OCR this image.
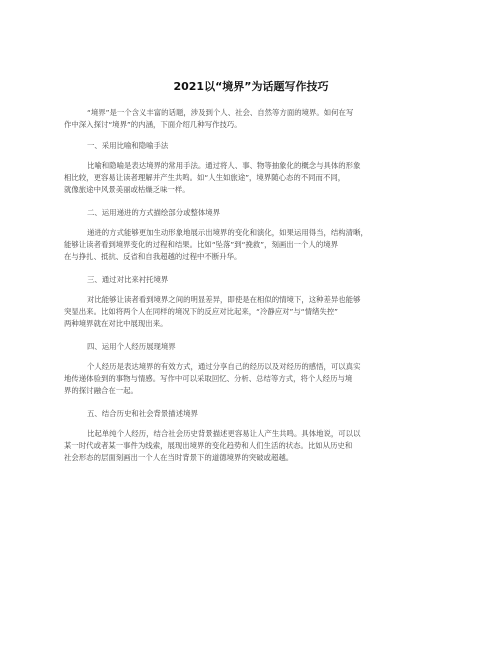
2021以“境界”为话题写作技巧

“境界”是一个含义丰富的话题，涉及到个人、社会、自然等方面的境界。如何在写

作中深入探讨“境界”的内涵，下面介绍几种写作技巧。

一、采用比喻和隐喻手法

比喻和隐喻是表达境界的常用手法。通过将人、事、物等抽象化的概念与具体的形象

相比较，更容易让读者理解并产生共鸣。如“人生如旅途”，境界随心态的不同而不同，

就像旅途中风景美丽或枯燥乏味一样。

二、运用递进的方式描绘部分或整体境界

递进的方式能够更加生动形象地展示出境界的变化和演化，如果运用得当，结构清晰，

能够让读者看到境界变化的过程和结果。比如“坠落”到“挽救”，刻画出一个人的境界

在与挣扎、抵抗、反省和自我超越的过程中不断升华。

三、通过对比来衬托境界

对比能够让读者看到境界之间的明显差异，即使是在相似的情境下，这种差异也能够

突显出来。比如将两个人在同样的境况下的反应对比起来，“冷静应对”与“情绪失控”

两种境界就在对比中展现出来。

四、运用个人经历展现境界

个人经历是表达境界的有效方式，通过分享自己的经历以及对经历的感悟，可以真实

地传递体验到的事物与情感。写作中可以采取回忆、分析、总结等方式，将个人经历与境

界的探讨融合在一起。

五、结合历史和社会背景描述境界

比起单纯个人经历，结合社会历史背景描述更容易让人产生共鸣。具体地说，可以以

某一时代或者某一事件为线索，展现出境界的变化趋势和人们生活的状态。比如从历史和

社会形态的层面刻画出一个人在当时背景下的道德境界的突破或超越。
